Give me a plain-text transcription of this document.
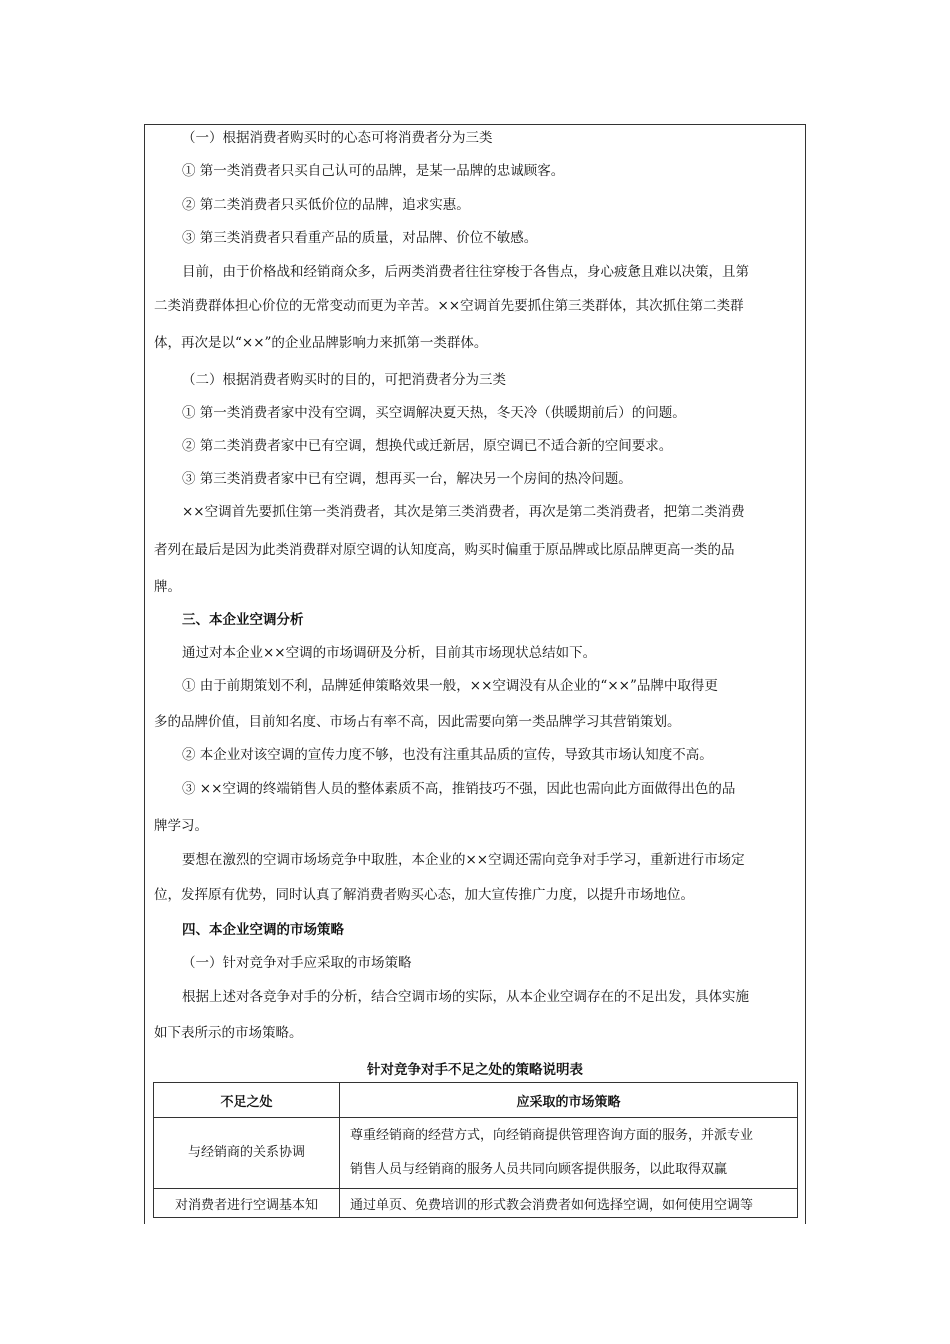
（一）根据消费者购买时的心态可将消费者分为三类
① 第一类消费者只买自己认可的品牌，是某一品牌的忠诚顾客。
② 第二类消费者只买低价位的品牌，追求实惠。
③ 第三类消费者只看重产品的质量，对品牌、价位不敏感。
目前，由于价格战和经销商众多，后两类消费者往往穿梭于各售点，身心疲惫且难以决策，且第
二类消费群体担心价位的无常变动而更为辛苦。××空调首先要抓住第三类群体，其次抓住第二类群
体，再次是以“××”的企业品牌影响力来抓第一类群体。
（二）根据消费者购买时的目的，可把消费者分为三类
① 第一类消费者家中没有空调，买空调解决夏天热，冬天冷（供暖期前后）的问题。
② 第二类消费者家中已有空调，想换代或迁新居，原空调已不适合新的空间要求。
③ 第三类消费者家中已有空调，想再买一台，解决另一个房间的热冷问题。
××空调首先要抓住第一类消费者，其次是第三类消费者，再次是第二类消费者，把第二类消费
者列在最后是因为此类消费群对原空调的认知度高，购买时偏重于原品牌或比原品牌更高一类的品
牌。
三、本企业空调分析
通过对本企业××空调的市场调研及分析，目前其市场现状总结如下。
① 由于前期策划不利，品牌延伸策略效果一般，××空调没有从企业的“××”品牌中取得更
多的品牌价值，目前知名度、市场占有率不高，因此需要向第一类品牌学习其营销策划。
② 本企业对该空调的宣传力度不够，也没有注重其品质的宣传，导致其市场认知度不高。
③ ××空调的终端销售人员的整体素质不高，推销技巧不强，因此也需向此方面做得出色的品
牌学习。
要想在激烈的空调市场场竞争中取胜，本企业的××空调还需向竞争对手学习，重新进行市场定
位，发挥原有优势，同时认真了解消费者购买心态，加大宣传推广力度，以提升市场地位。
四、本企业空调的市场策略
（一）针对竞争对手应采取的市场策略
根据上述对各竞争对手的分析，结合空调市场的实际，从本企业空调存在的不足出发，具体实施
如下表所示的市场策略。
针对竞争对手不足之处的策略说明表
不足之处	应采取的市场策略
与经销商的关系协调	尊重经销商的经营方式，向经销商提供管理咨询方面的服务，并派专业
销售人员与经销商的服务人员共同向顾客提供服务，以此取得双赢

对消费者进行空调基本知	通过单页、免费培训的形式教会消费者如何选择空调，如何使用空调等
